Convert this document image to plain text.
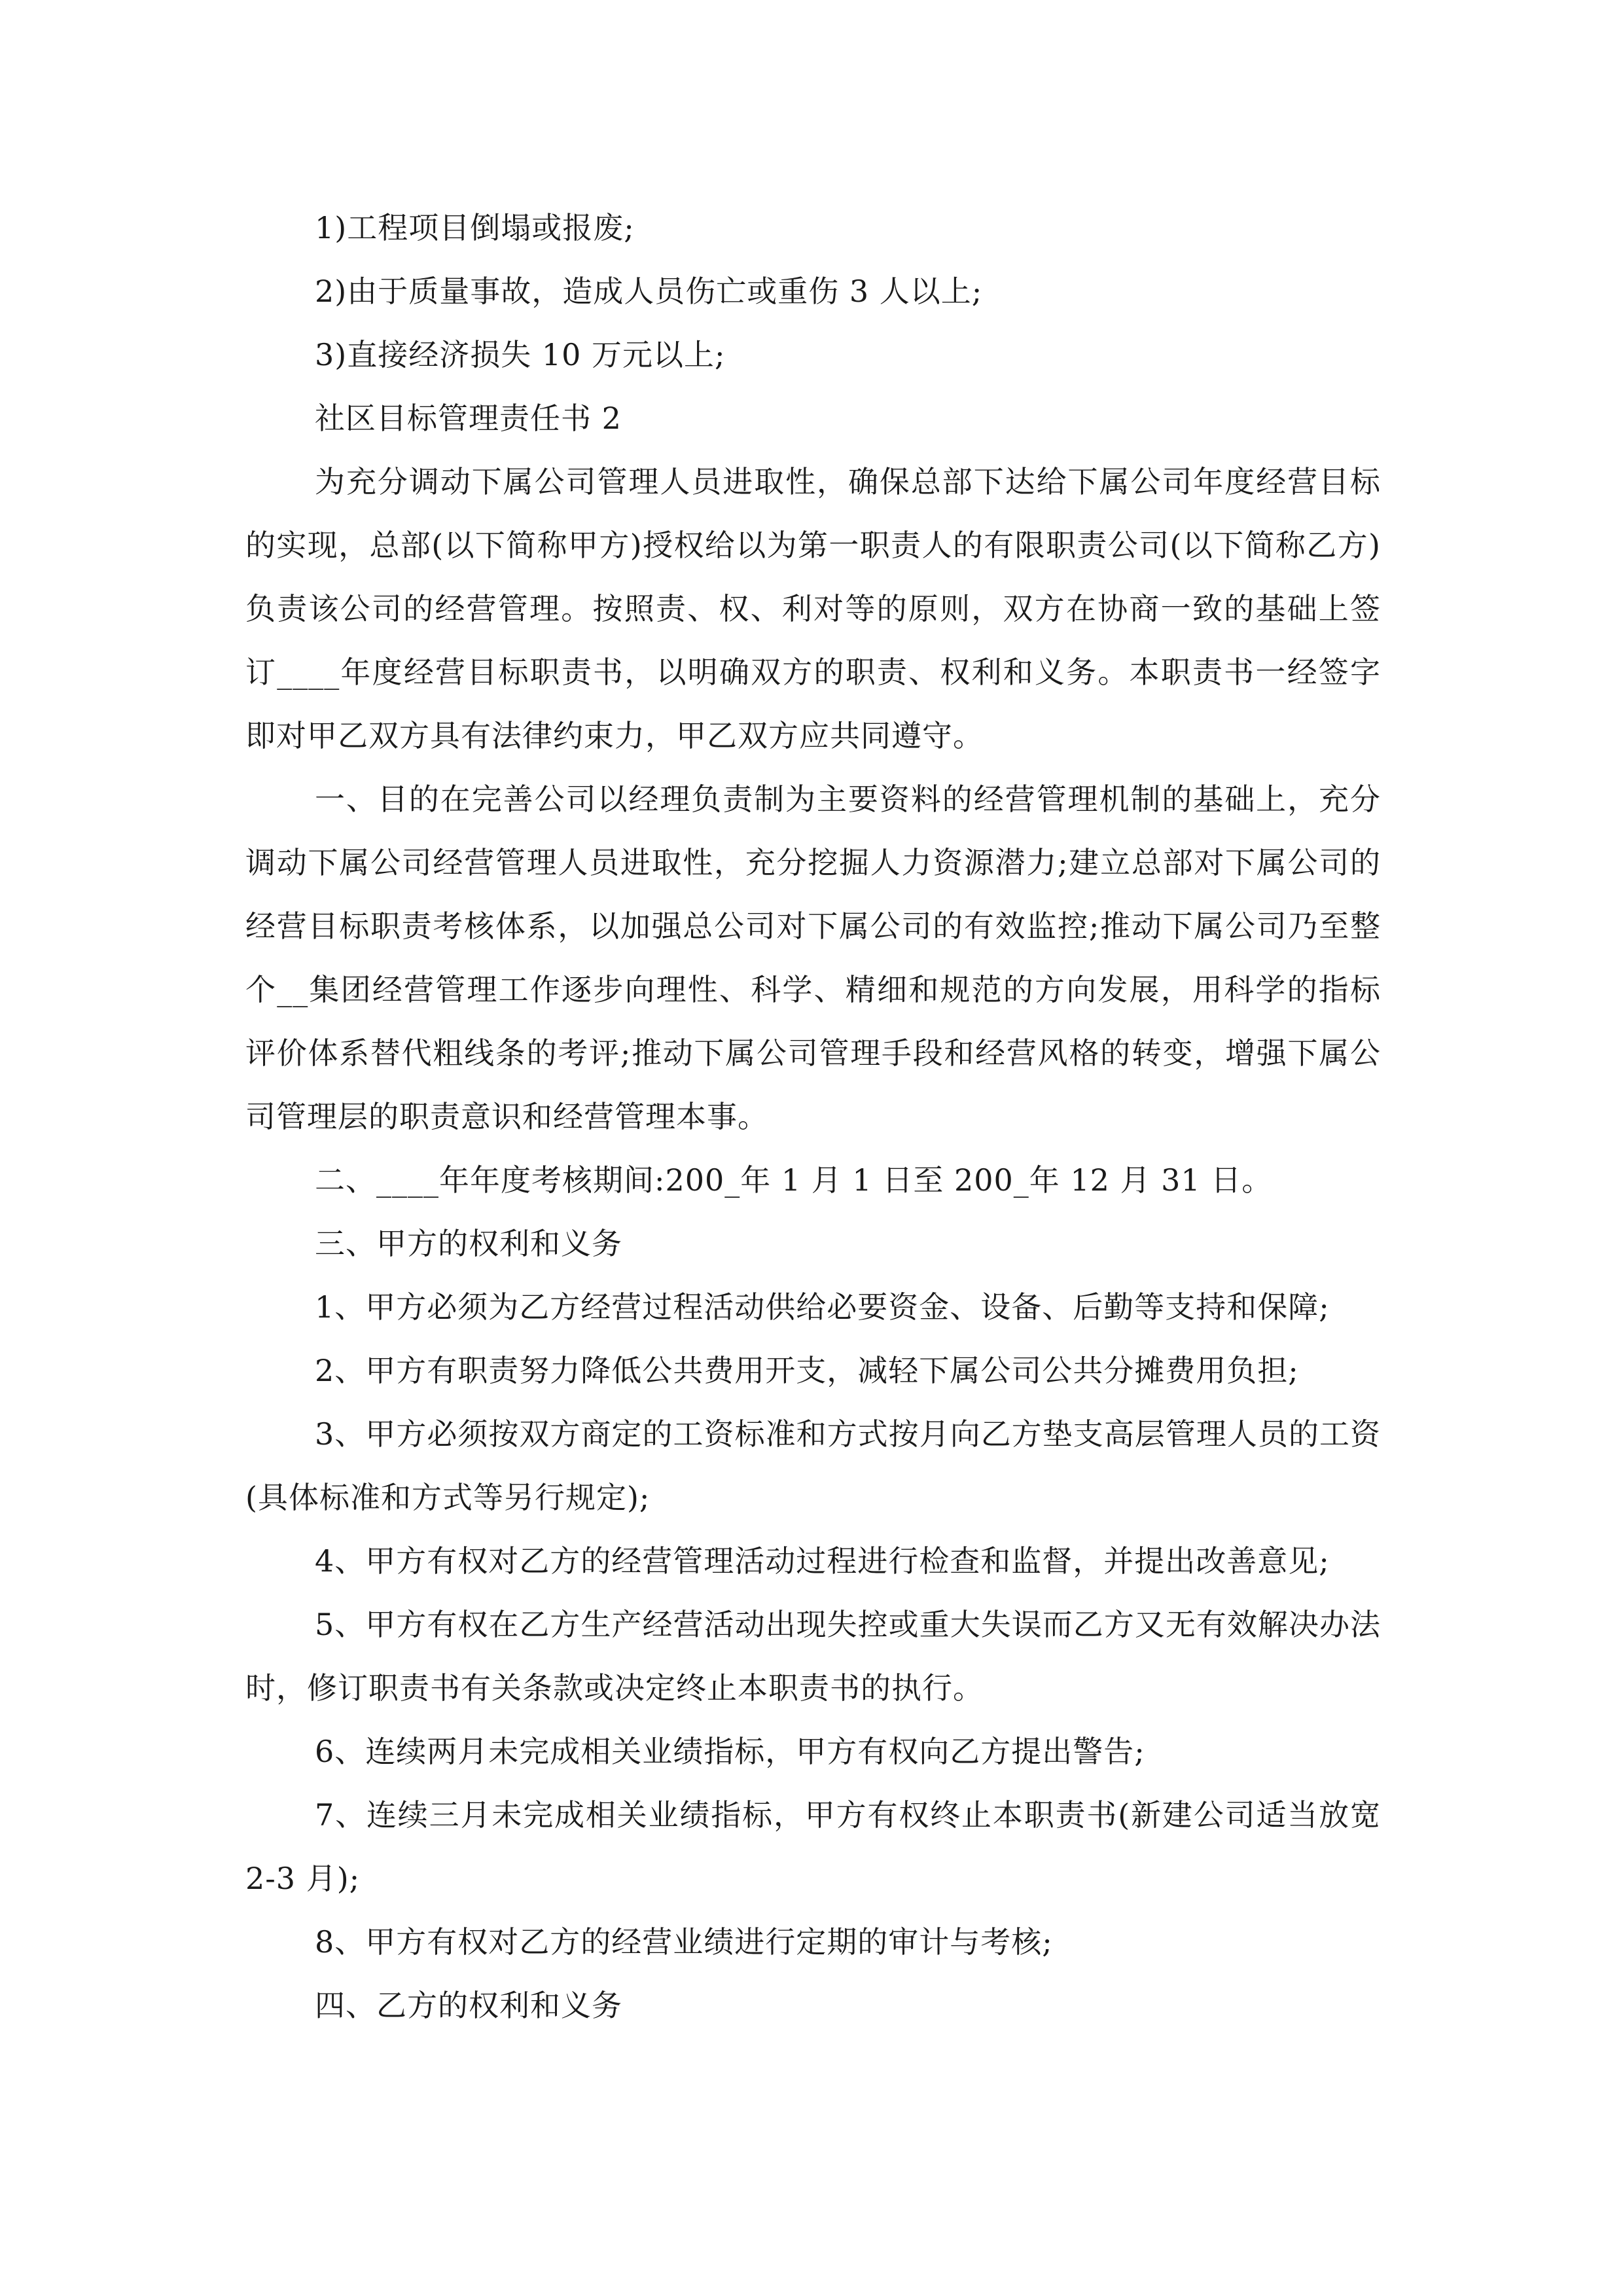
1)工程项目倒塌或报废;

2)由于质量事故，造成人员伤亡或重伤 3 人以上;

3)直接经济损失 10 万元以上;

社区目标管理责任书 2

为充分调动下属公司管理人员进取性，确保总部下达给下属公司年度经营目标的实现，总部(以下简称甲方)授权给以为第一职责人的有限职责公司(以下简称乙方)负责该公司的经营管理。按照责、权、利对等的原则，双方在协商一致的基础上签订____年度经营目标职责书，以明确双方的职责、权利和义务。本职责书一经签字即对甲乙双方具有法律约束力，甲乙双方应共同遵守。

一、目的在完善公司以经理负责制为主要资料的经营管理机制的基础上，充分调动下属公司经营管理人员进取性，充分挖掘人力资源潜力;建立总部对下属公司的经营目标职责考核体系，以加强总公司对下属公司的有效监控;推动下属公司乃至整个__集团经营管理工作逐步向理性、科学、精细和规范的方向发展，用科学的指标评价体系替代粗线条的考评;推动下属公司管理手段和经营风格的转变，增强下属公司管理层的职责意识和经营管理本事。

二、____年年度考核期间:200_年 1 月 1 日至 200_年 12 月 31 日。

三、甲方的权利和义务

1、甲方必须为乙方经营过程活动供给必要资金、设备、后勤等支持和保障;

2、甲方有职责努力降低公共费用开支，减轻下属公司公共分摊费用负担;

3、甲方必须按双方商定的工资标准和方式按月向乙方垫支高层管理人员的工资(具体标准和方式等另行规定);

4、甲方有权对乙方的经营管理活动过程进行检查和监督，并提出改善意见;

5、甲方有权在乙方生产经营活动出现失控或重大失误而乙方又无有效解决办法时，修订职责书有关条款或决定终止本职责书的执行。

6、连续两月未完成相关业绩指标，甲方有权向乙方提出警告;

7、连续三月未完成相关业绩指标，甲方有权终止本职责书(新建公司适当放宽 2-3 月);

8、甲方有权对乙方的经营业绩进行定期的审计与考核;

四、乙方的权利和义务
